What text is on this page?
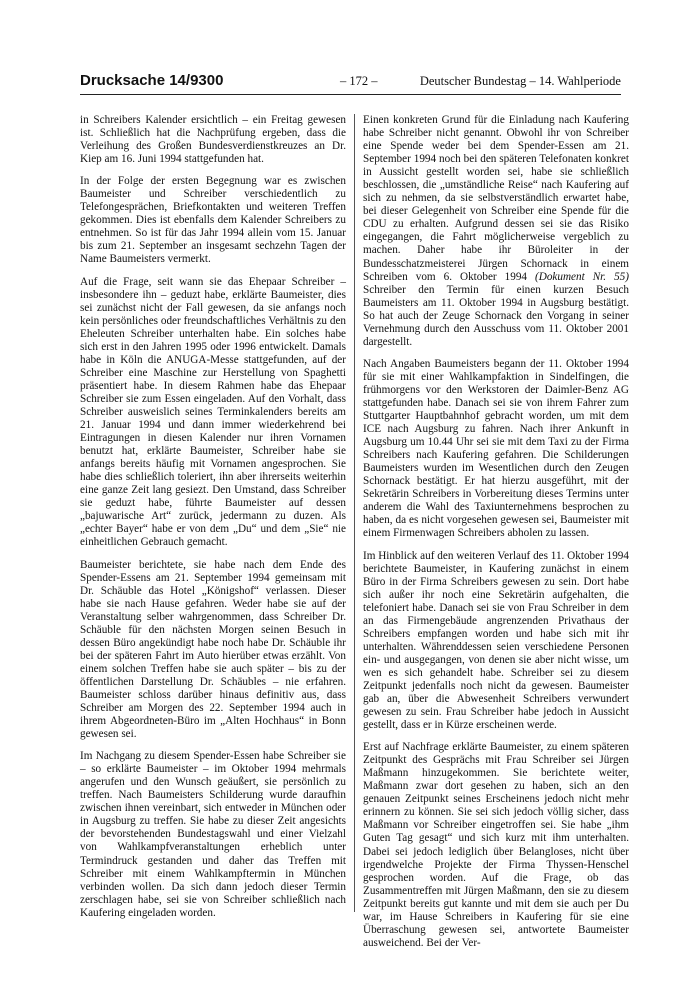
Drucksache 14/9300	– 172 –	Deutscher Bundestag – 14. Wahlperiode

in Schreibers Kalender ersichtlich – ein Freitag gewesen ist. Schließlich hat die Nachprüfung ergeben, dass die Verleihung des Großen Bundesverdienstkreuzes an Dr. Kiep am 16. Juni 1994 stattgefunden hat.

In der Folge der ersten Begegnung war es zwischen Baumeister und Schreiber verschiedentlich zu Telefongesprächen, Briefkontakten und weiteren Treffen gekommen. Dies ist ebenfalls dem Kalender Schreibers zu entnehmen. So ist für das Jahr 1994 allein vom 15. Januar bis zum 21. September an insgesamt sechzehn Tagen der Name Baumeisters vermerkt.

Auf die Frage, seit wann sie das Ehepaar Schreiber – insbesondere ihn – geduzt habe, erklärte Baumeister, dies sei zunächst nicht der Fall gewesen, da sie anfangs noch kein persönliches oder freundschaftliches Verhältnis zu den Eheleuten Schreiber unterhalten habe. Ein solches habe sich erst in den Jahren 1995 oder 1996 entwickelt. Damals habe in Köln die ANUGA-Messe stattgefunden, auf der Schreiber eine Maschine zur Herstellung von Spaghetti präsentiert habe. In diesem Rahmen habe das Ehepaar Schreiber sie zum Essen eingeladen. Auf den Vorhalt, dass Schreiber ausweislich seines Terminkalenders bereits am 21. Januar 1994 und dann immer wiederkehrend bei Eintragungen in diesen Kalender nur ihren Vornamen benutzt hat, erklärte Baumeister, Schreiber habe sie anfangs bereits häufig mit Vornamen angesprochen. Sie habe dies schließlich toleriert, ihn aber ihrerseits weiterhin eine ganze Zeit lang gesiezt. Den Umstand, dass Schreiber sie geduzt habe, führte Baumeister auf dessen „bajuwarische Art“ zurück, jedermann zu duzen. Als „echter Bayer“ habe er von dem „Du“ und dem „Sie“ nie einheitlichen Gebrauch gemacht.

Baumeister berichtete, sie habe nach dem Ende des Spender-Essens am 21. September 1994 gemeinsam mit Dr. Schäuble das Hotel „Königshof“ verlassen. Dieser habe sie nach Hause gefahren. Weder habe sie auf der Veranstaltung selber wahrgenommen, dass Schreiber Dr. Schäuble für den nächsten Morgen seinen Besuch in dessen Büro angekündigt habe noch habe Dr. Schäuble ihr bei der späteren Fahrt im Auto hierüber etwas erzählt. Von einem solchen Treffen habe sie auch später – bis zu der öffentlichen Darstellung Dr. Schäubles – nie erfahren. Baumeister schloss darüber hinaus definitiv aus, dass Schreiber am Morgen des 22. September 1994 auch in ihrem Abgeordneten-Büro im „Alten Hochhaus“ in Bonn gewesen sei.

Im Nachgang zu diesem Spender-Essen habe Schreiber sie – so erklärte Baumeister – im Oktober 1994 mehrmals angerufen und den Wunsch geäußert, sie persönlich zu treffen. Nach Baumeisters Schilderung wurde daraufhin zwischen ihnen vereinbart, sich entweder in München oder in Augsburg zu treffen. Sie habe zu dieser Zeit angesichts der bevorstehenden Bundestagswahl und einer Vielzahl von Wahlkampfveranstaltungen erheblich unter Termindruck gestanden und daher das Treffen mit Schreiber mit einem Wahlkampftermin in München verbinden wollen. Da sich dann jedoch dieser Termin zerschlagen habe, sei sie von Schreiber schließlich nach Kaufering eingeladen worden.

Einen konkreten Grund für die Einladung nach Kaufering habe Schreiber nicht genannt. Obwohl ihr von Schreiber eine Spende weder bei dem Spender-Essen am 21. September 1994 noch bei den späteren Telefonaten konkret in Aussicht gestellt worden sei, habe sie schließlich beschlossen, die „umständliche Reise“ nach Kaufering auf sich zu nehmen, da sie selbstverständlich erwartet habe, bei dieser Gelegenheit von Schreiber eine Spende für die CDU zu erhalten. Aufgrund dessen sei sie das Risiko eingegangen, die Fahrt möglicherweise vergeblich zu machen. Daher habe ihr Büroleiter in der Bundesschatzmeisterei Jürgen Schornack in einem Schreiben vom 6. Oktober 1994 (Dokument Nr. 55) Schreiber den Termin für einen kurzen Besuch Baumeisters am 11. Oktober 1994 in Augsburg bestätigt. So hat auch der Zeuge Schornack den Vorgang in seiner Vernehmung durch den Ausschuss vom 11. Oktober 2001 dargestellt.

Nach Angaben Baumeisters begann der 11. Oktober 1994 für sie mit einer Wahlkampfaktion in Sindelfingen, die frühmorgens vor den Werkstoren der Daimler-Benz AG stattgefunden habe. Danach sei sie von ihrem Fahrer zum Stuttgarter Hauptbahnhof gebracht worden, um mit dem ICE nach Augsburg zu fahren. Nach ihrer Ankunft in Augsburg um 10.44 Uhr sei sie mit dem Taxi zu der Firma Schreibers nach Kaufering gefahren. Die Schilderungen Baumeisters wurden im Wesentlichen durch den Zeugen Schornack bestätigt. Er hat hierzu ausgeführt, mit der Sekretärin Schreibers in Vorbereitung dieses Termins unter anderem die Wahl des Taxiunternehmens besprochen zu haben, da es nicht vorgesehen gewesen sei, Baumeister mit einem Firmenwagen Schreibers abholen zu lassen.

Im Hinblick auf den weiteren Verlauf des 11. Oktober 1994 berichtete Baumeister, in Kaufering zunächst in einem Büro in der Firma Schreibers gewesen zu sein. Dort habe sich außer ihr noch eine Sekretärin aufgehalten, die telefoniert habe. Danach sei sie von Frau Schreiber in dem an das Firmengebäude angrenzenden Privathaus der Schreibers empfangen worden und habe sich mit ihr unterhalten. Währenddessen seien verschiedene Personen ein- und ausgegangen, von denen sie aber nicht wisse, um wen es sich gehandelt habe. Schreiber sei zu diesem Zeitpunkt jedenfalls noch nicht da gewesen. Baumeister gab an, über die Abwesenheit Schreibers verwundert gewesen zu sein. Frau Schreiber habe jedoch in Aussicht gestellt, dass er in Kürze erscheinen werde.

Erst auf Nachfrage erklärte Baumeister, zu einem späteren Zeitpunkt des Gesprächs mit Frau Schreiber sei Jürgen Maßmann hinzugekommen. Sie berichtete weiter, Maßmann zwar dort gesehen zu haben, sich an den genauen Zeitpunkt seines Erscheinens jedoch nicht mehr erinnern zu können. Sie sei sich jedoch völlig sicher, dass Maßmann vor Schreiber eingetroffen sei. Sie habe „ihm Guten Tag gesagt“ und sich kurz mit ihm unterhalten. Dabei sei jedoch lediglich über Belangloses, nicht über irgendwelche Projekte der Firma Thyssen-Henschel gesprochen worden. Auf die Frage, ob das Zusammentreffen mit Jürgen Maßmann, den sie zu diesem Zeitpunkt bereits gut kannte und mit dem sie auch per Du war, im Hause Schreibers in Kaufering für sie eine Überraschung gewesen sei, antwortete Baumeister ausweichend. Bei der Ver-
